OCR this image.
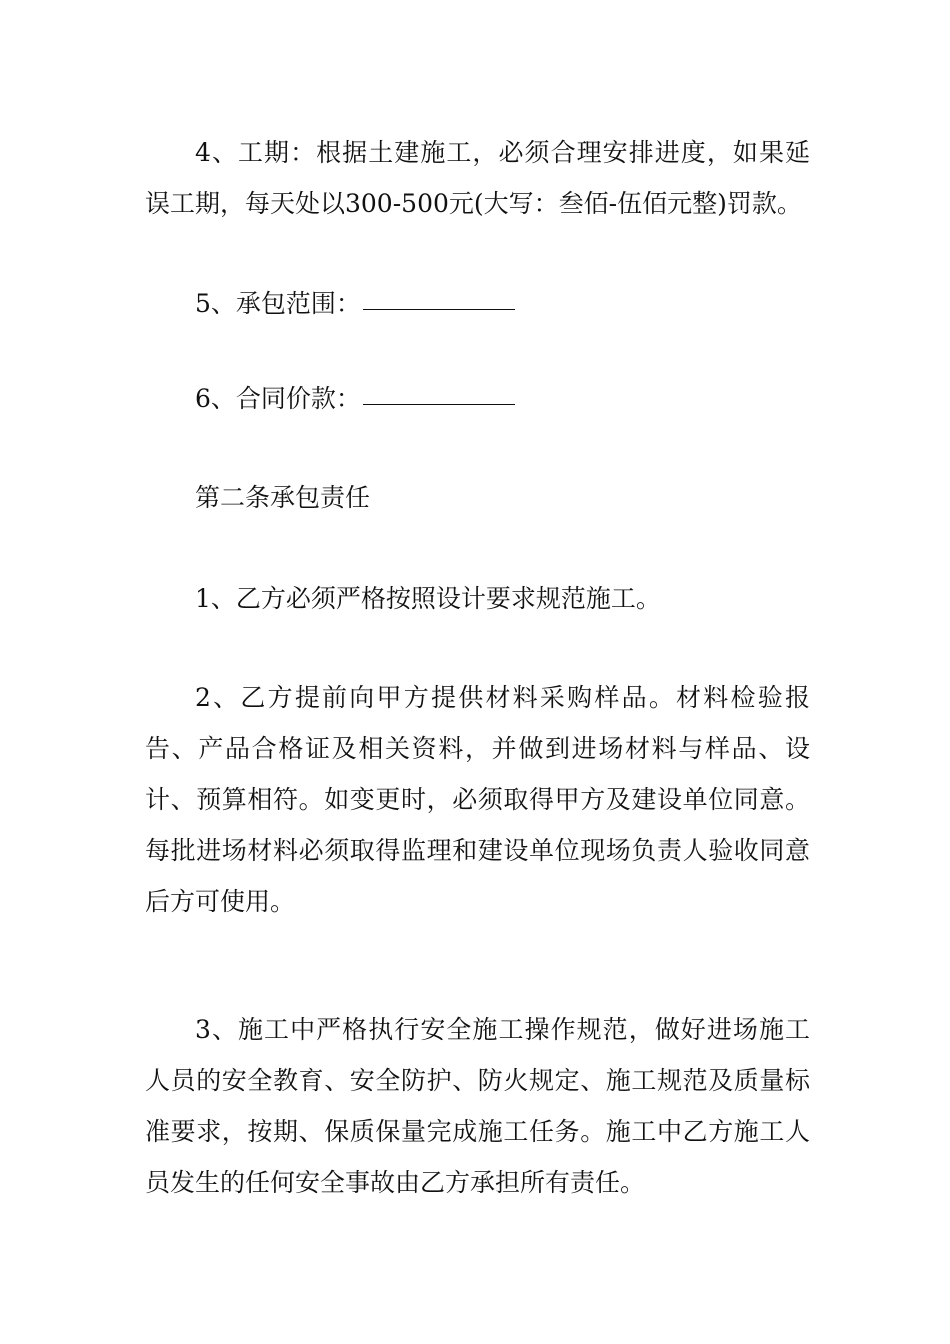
4、工期：根据土建施工，必须合理安排进度，如果延误工期，每天处以300-500元(大写：叁佰-伍佰元整)罚款。

5、承包范围：
6、合同价款：
第二条承包责任
1、乙方必须严格按照设计要求规范施工。

2、乙方提前向甲方提供材料采购样品。材料检验报告、产品合格证及相关资料，并做到进场材料与样品、设计、预算相符。如变更时，必须取得甲方及建设单位同意。每批进场材料必须取得监理和建设单位现场负责人验收同意后方可使用。

3、施工中严格执行安全施工操作规范，做好进场施工人员的安全教育、安全防护、防火规定、施工规范及质量标准要求，按期、保质保量完成施工任务。施工中乙方施工人员发生的任何安全事故由乙方承担所有责任。
